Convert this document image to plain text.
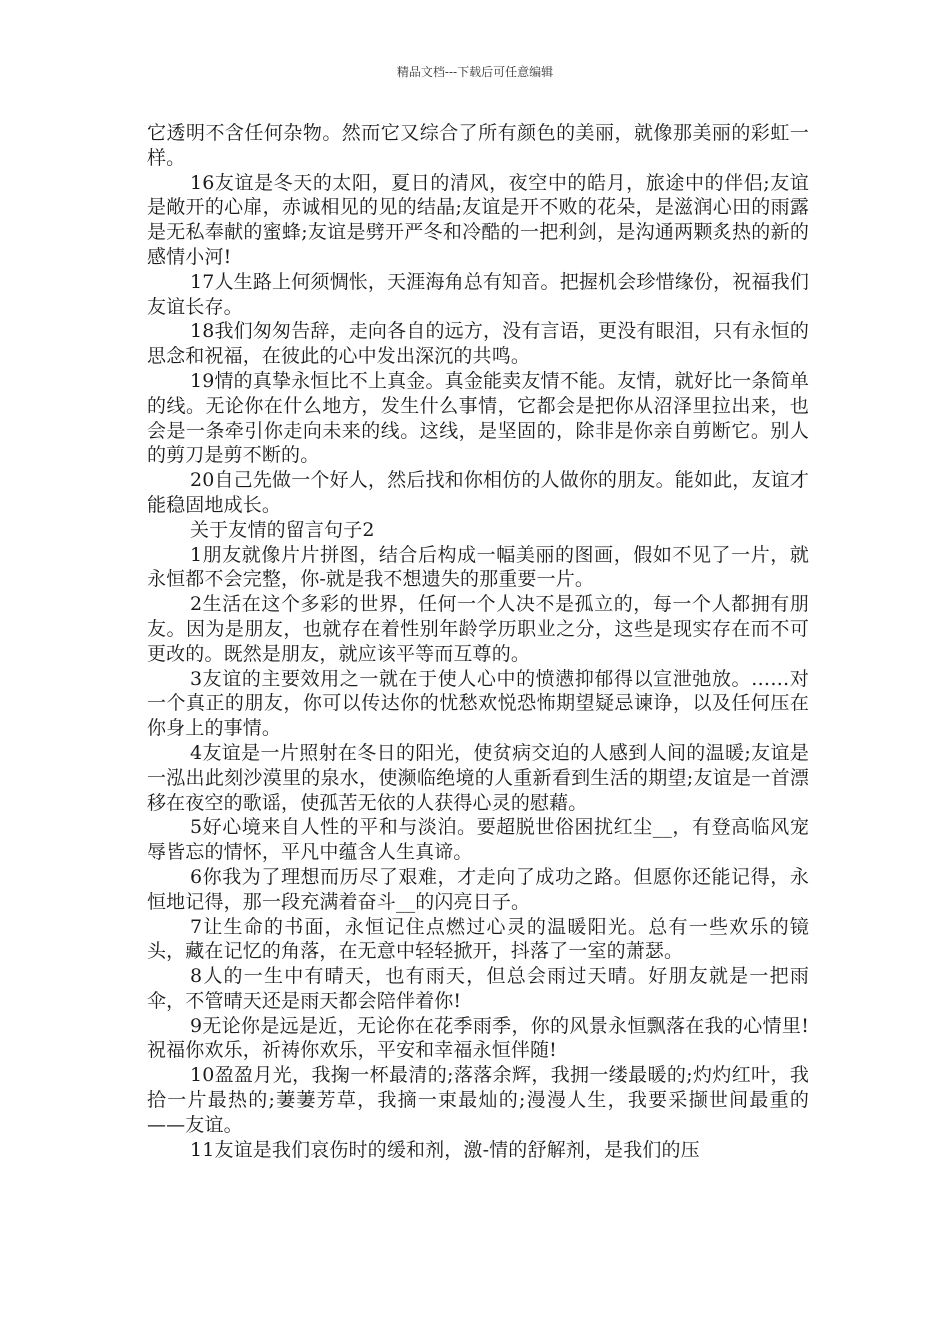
精品文档---下载后可任意编辑

它透明不含任何杂物。然而它又综合了所有颜色的美丽，就像那美丽的彩虹一样。

16友谊是冬天的太阳，夏日的清风，夜空中的皓月，旅途中的伴侣;友谊是敞开的心扉，赤诚相见的见的结晶;友谊是开不败的花朵，是滋润心田的雨露是无私奉献的蜜蜂;友谊是劈开严冬和冷酷的一把利剑，是沟通两颗炙热的新的感情小河!

17人生路上何须惆怅，天涯海角总有知音。把握机会珍惜缘份，祝福我们友谊长存。

18我们匆匆告辞，走向各自的远方，没有言语，更没有眼泪，只有永恒的思念和祝福，在彼此的心中发出深沉的共鸣。

19情的真挚永恒比不上真金。真金能卖友情不能。友情，就好比一条简单的线。无论你在什么地方，发生什么事情，它都会是把你从沼泽里拉出来，也会是一条牵引你走向未来的线。这线，是坚固的，除非是你亲自剪断它。别人的剪刀是剪不断的。

20自己先做一个好人，然后找和你相仿的人做你的朋友。能如此，友谊才能稳固地成长。

关于友情的留言句子2

1朋友就像片片拼图，结合后构成一幅美丽的图画，假如不见了一片，就永恒都不会完整，你-就是我不想遗失的那重要一片。

2生活在这个多彩的世界，任何一个人决不是孤立的，每一个人都拥有朋友。因为是朋友，也就存在着性别年龄学历职业之分，这些是现实存在而不可更改的。既然是朋友，就应该平等而互尊的。

3友谊的主要效用之一就在于使人心中的愤懑抑郁得以宣泄弛放。……对一个真正的朋友，你可以传达你的忧愁欢悦恐怖期望疑忌谏诤，以及任何压在你身上的事情。

4友谊是一片照射在冬日的阳光，使贫病交迫的人感到人间的温暖;友谊是一泓出此刻沙漠里的泉水，使濒临绝境的人重新看到生活的期望;友谊是一首漂移在夜空的歌谣，使孤苦无依的人获得心灵的慰藉。

5好心境来自人性的平和与淡泊。要超脱世俗困扰红尘__，有登高临风宠辱皆忘的情怀，平凡中蕴含人生真谛。

6你我为了理想而历尽了艰难，才走向了成功之路。但愿你还能记得，永恒地记得，那一段充满着奋斗__的闪亮日子。

7让生命的书面，永恒记住点燃过心灵的温暖阳光。总有一些欢乐的镜头，藏在记忆的角落，在无意中轻轻掀开，抖落了一室的萧瑟。

8人的一生中有晴天，也有雨天，但总会雨过天晴。好朋友就是一把雨伞，不管晴天还是雨天都会陪伴着你!

9无论你是远是近，无论你在花季雨季，你的风景永恒飘落在我的心情里!祝福你欢乐，祈祷你欢乐，平安和幸福永恒伴随!

10盈盈月光，我掬一杯最清的;落落余辉，我拥一缕最暖的;灼灼红叶，我拾一片最热的;萋萋芳草，我摘一束最灿的;漫漫人生，我要采撷世间最重的——友谊。

11友谊是我们哀伤时的缓和剂，激-情的舒解剂，是我们的压
